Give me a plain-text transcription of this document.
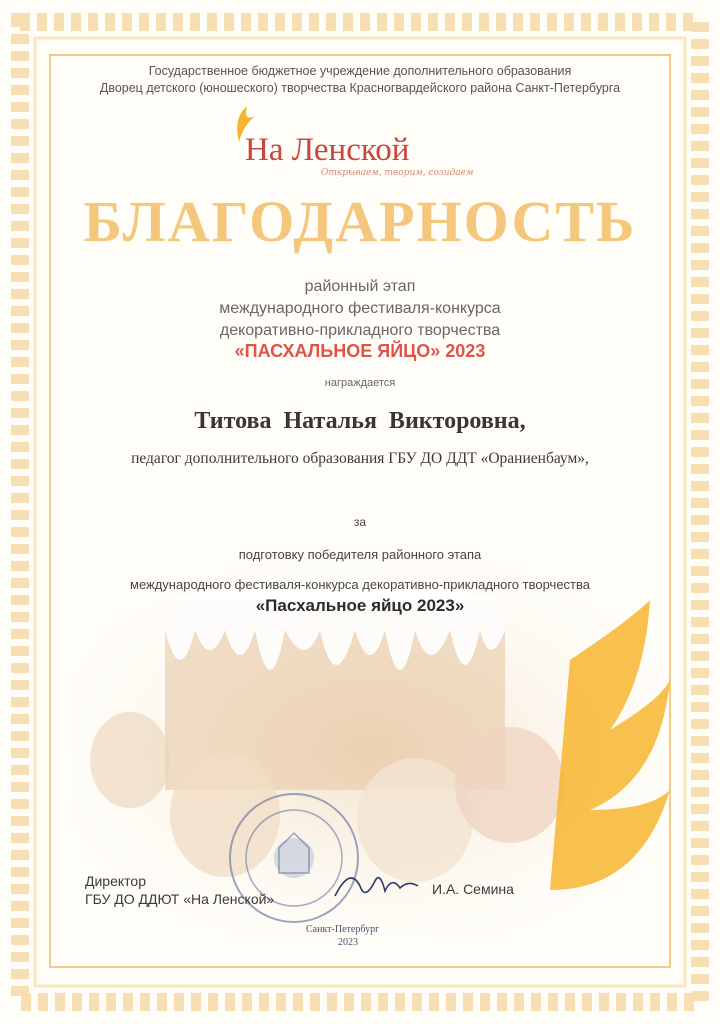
Государственное бюджетное учреждение дополнительного образования
Дворец детского (юношеского) творчества Красногвардейского района Санкт-Петербурга
На Ленской
Открываем, творим, созидаем
БЛАГОДАРНОСТЬ
районный этап
международного фестиваля-конкурса
декоративно-прикладного творчества
«ПАСХАЛЬНОЕ ЯЙЦО» 2023
награждается
Титова Наталья Викторовна,
педагог дополнительного образования ГБУ ДО ДДТ «Ораниенбаум»,
за
подготовку победителя районного этапа
международного фестиваля-конкурса декоративно-прикладного творчества
«Пасхальное яйцо 2023»
Санкт-Петербург
2023
Директор
ГБУ ДО ДДЮТ «На Ленской»
И.А. Семина
